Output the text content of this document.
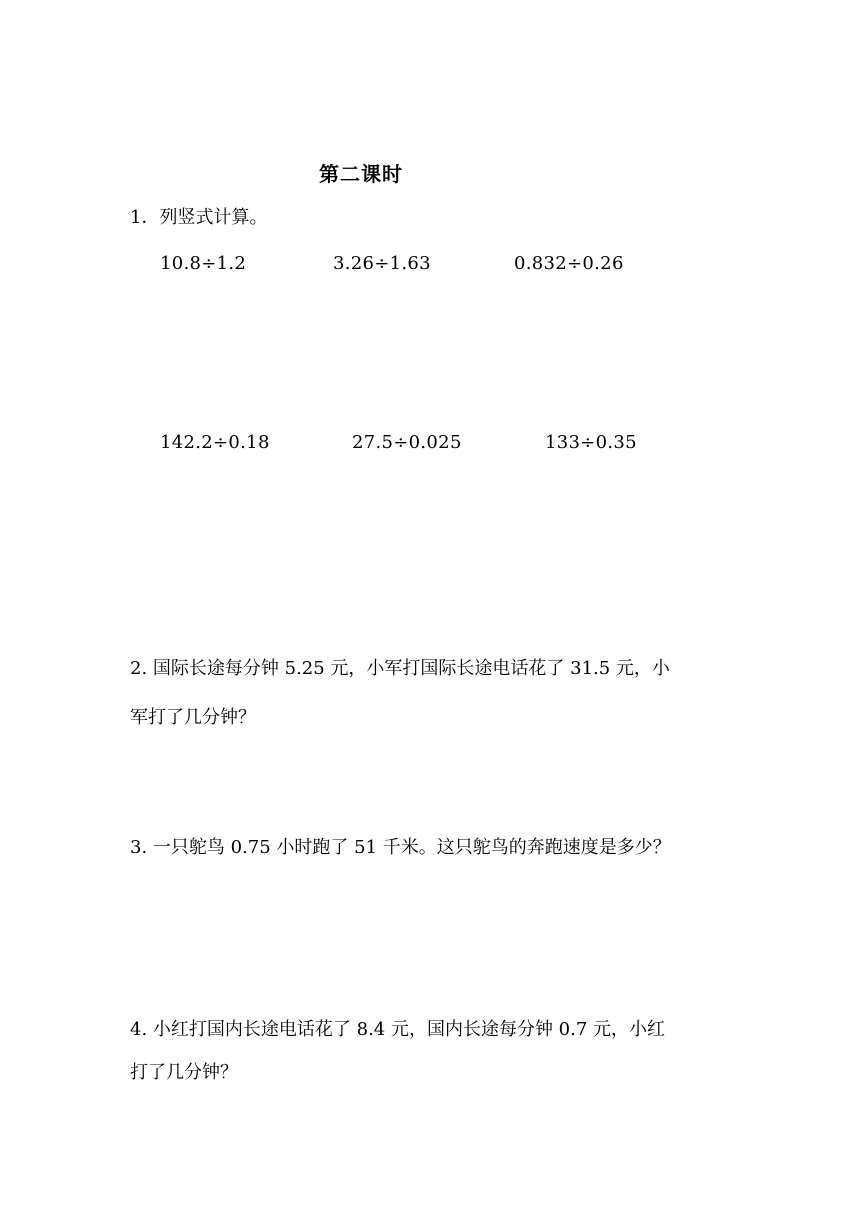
第二课时
1．列竖式计算。
10.8÷1.2	3.26÷1.63	0.832÷0.26
142.2÷0.18	27.5÷0.025	133÷0.35
2. 国际长途每分钟 5.25 元，小军打国际长途电话花了 31.5 元，小
军打了几分钟？
3. 一只鸵鸟 0.75 小时跑了 51 千米。这只鸵鸟的奔跑速度是多少？
4. 小红打国内长途电话花了 8.4 元，国内长途每分钟 0.7 元，小红
打了几分钟？
